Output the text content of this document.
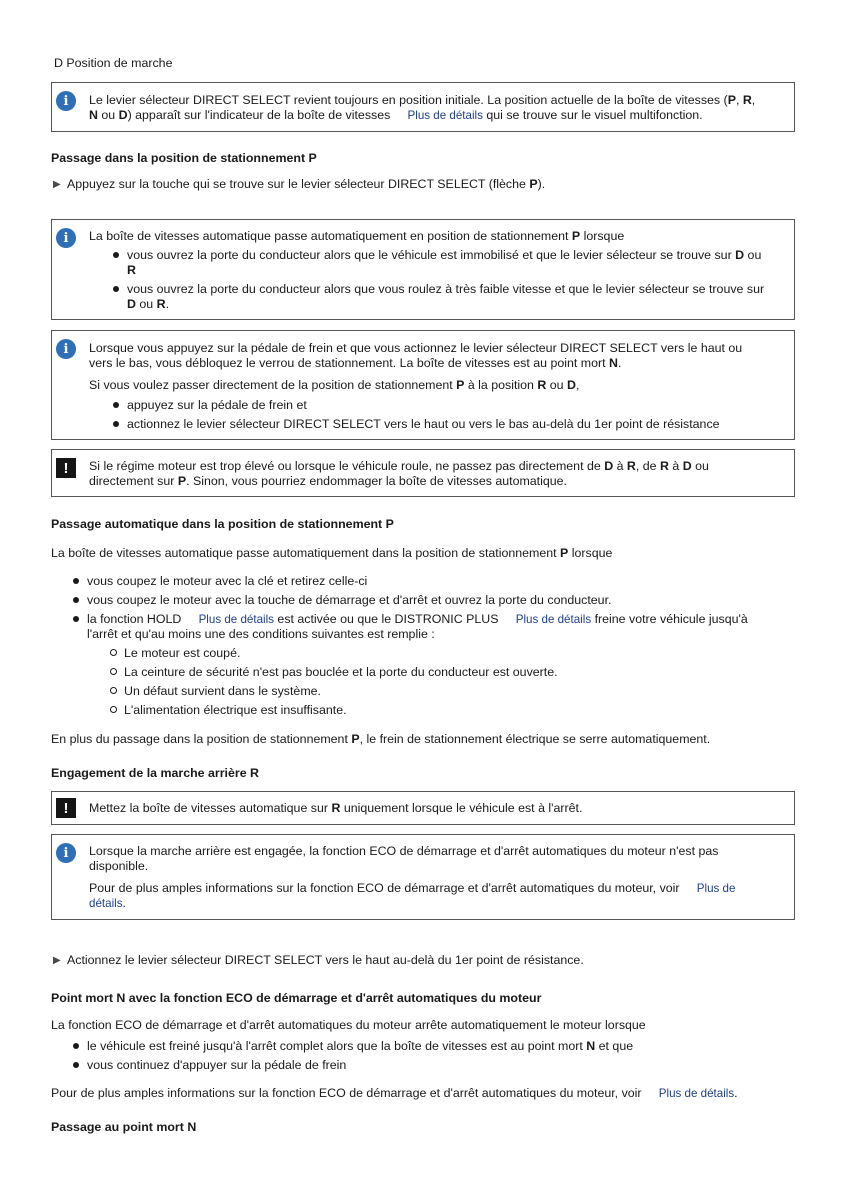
D Position de marche

i	Le levier sélecteur DIRECT SELECT revient toujours en position initiale. La position actuelle de la boîte de vitesses (P, R,

N ou D) apparaît sur l'indicateur de la boîte de vitesses Plus de détails qui se trouve sur le visuel multifonction.

Passage dans la position de stationnement P

▶ Appuyez sur la touche qui se trouve sur le levier sélecteur DIRECT SELECT (flèche P).

i	La boîte de vitesses automatique passe automatiquement en position de stationnement P lorsque

vous ouvrez la porte du conducteur alors que le véhicule est immobilisé et que le levier sélecteur se trouve sur D ou

R

vous ouvrez la porte du conducteur alors que vous roulez à très faible vitesse et que le levier sélecteur se trouve sur

D ou R.

i	Lorsque vous appuyez sur la pédale de frein et que vous actionnez le levier sélecteur DIRECT SELECT vers le haut ou

vers le bas, vous débloquez le verrou de stationnement. La boîte de vitesses est au point mort N.

Si vous voulez passer directement de la position de stationnement P à la position R ou D,

appuyez sur la pédale de frein et

actionnez le levier sélecteur DIRECT SELECT vers le haut ou vers le bas au-delà du 1er point de résistance

!	Si le régime moteur est trop élevé ou lorsque le véhicule roule, ne passez pas directement de D à R, de R à D ou

directement sur P. Sinon, vous pourriez endommager la boîte de vitesses automatique.

Passage automatique dans la position de stationnement P

La boîte de vitesses automatique passe automatiquement dans la position de stationnement P lorsque

vous coupez le moteur avec la clé et retirez celle-ci

vous coupez le moteur avec la touche de démarrage et d'arrêt et ouvrez la porte du conducteur.

la fonction HOLD Plus de détails est activée ou que le DISTRONIC PLUS Plus de détails freine votre véhicule jusqu'à

l'arrêt et qu'au moins une des conditions suivantes est remplie :

Le moteur est coupé.

La ceinture de sécurité n'est pas bouclée et la porte du conducteur est ouverte.

Un défaut survient dans le système.

L'alimentation électrique est insuffisante.

En plus du passage dans la position de stationnement P, le frein de stationnement électrique se serre automatiquement.

Engagement de la marche arrière R

!	Mettez la boîte de vitesses automatique sur R uniquement lorsque le véhicule est à l'arrêt.

i	Lorsque la marche arrière est engagée, la fonction ECO de démarrage et d'arrêt automatiques du moteur n'est pas

disponible.

Pour de plus amples informations sur la fonction ECO de démarrage et d'arrêt automatiques du moteur, voir Plus de

détails.

▶ Actionnez le levier sélecteur DIRECT SELECT vers le haut au-delà du 1er point de résistance.

Point mort N avec la fonction ECO de démarrage et d'arrêt automatiques du moteur

La fonction ECO de démarrage et d'arrêt automatiques du moteur arrête automatiquement le moteur lorsque

le véhicule est freiné jusqu'à l'arrêt complet alors que la boîte de vitesses est au point mort N et que

vous continuez d'appuyer sur la pédale de frein

Pour de plus amples informations sur la fonction ECO de démarrage et d'arrêt automatiques du moteur, voir Plus de détails.

Passage au point mort N
